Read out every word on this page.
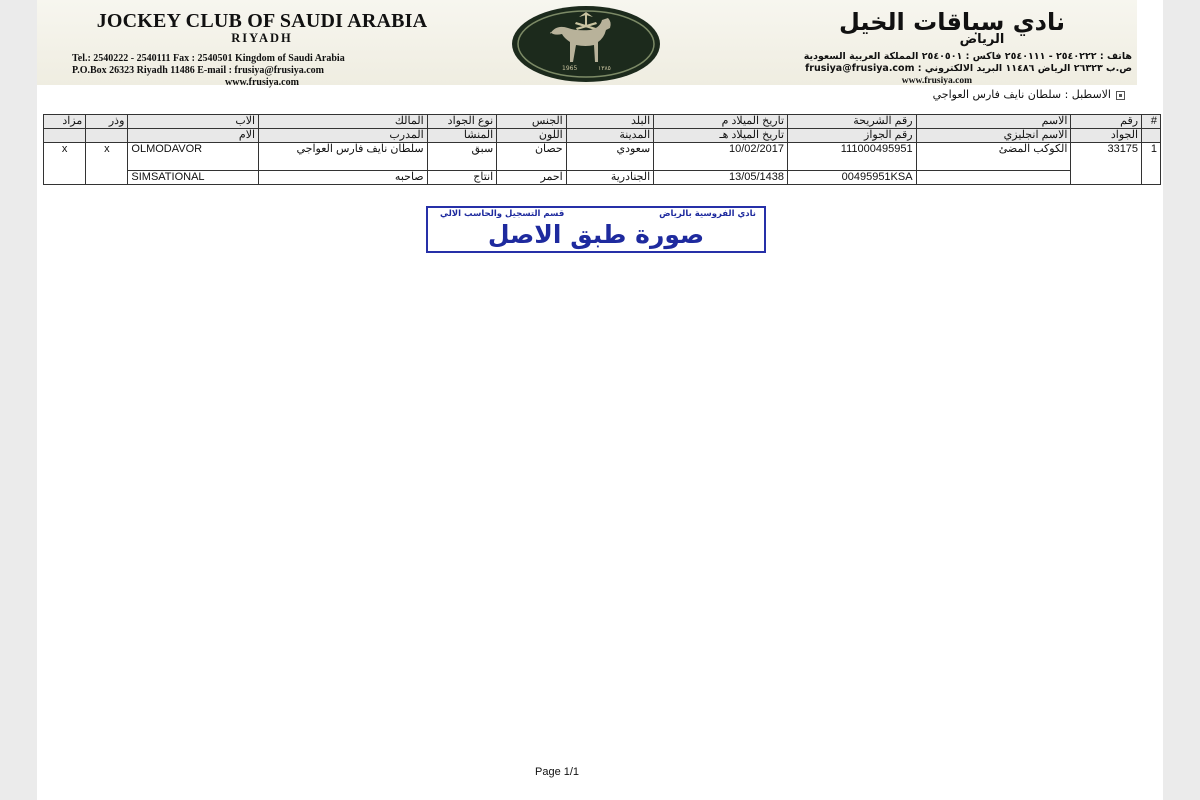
JOCKEY CLUB OF SAUDI ARABIA
RIYADH
Tel.: 2540222 - 2540111 Fax : 2540501 Kingdom of Saudi Arabia
P.O.Box 26323 Riyadh 11486 E-mail : frusiya@frusiya.com
www.frusiya.com
1965	١٣٨٥
نادي سباقات الخيل
الرياض
هاتف : ٢٥٤٠٢٢٢ - ٢٥٤٠١١١ فاكس : ٢٥٤٠٥٠١ المملكة العربية السعودية
ص.ب ٢٦٣٢٣ الرياض ١١٤٨٦ البريد الالكتروني : frusiya@frusiya.com
www.frusiya.com
الاسطبل : سلطان نايف فارس العواجي
#	رقم	الاسم	رقم الشريحة	تاريخ الميلاد م	البلد	الجنس	نوع الجواد	المالك	الاب	وذر	مزاد
	الجواد	الاسم انجليزي	رقم الجواز	تاريخ الميلاد هـ	المدينة	اللون	المنشأ	المدرب	الام		
1	33175	الكوكب المضئ	111000495951	10/02/2017	سعودي	حصان	سبق	سلطان نايف فارس العواجي	OLMODAVOR	x	x
			00495951KSA	13/05/1438	الجنادرية	احمر	انتاج	صاحبه	SIMSATIONAL		
نادي الفروسية بالرياض
قسم التسجيل والحاسب الالي
صورة طبق الاصل
Page 1/1
